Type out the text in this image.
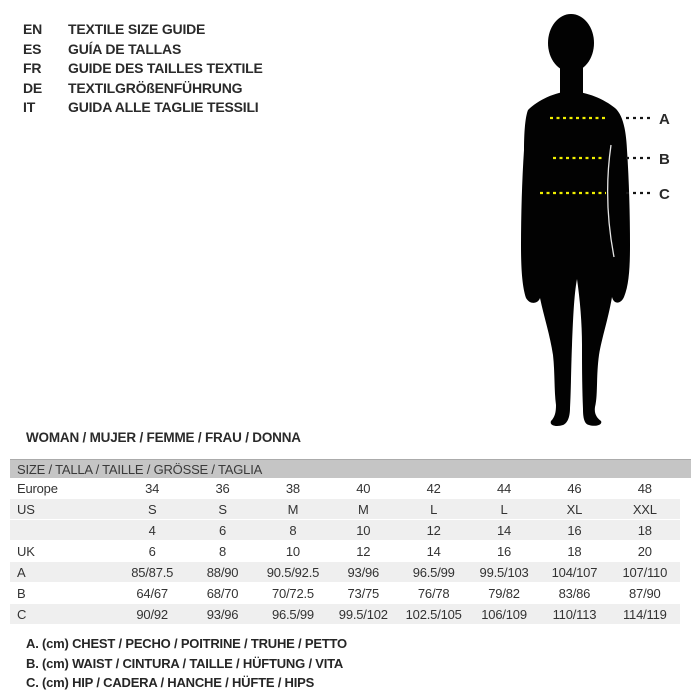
EN	TEXTILE SIZE GUIDE
ES	GUÍA DE TALLAS
FR	GUIDE DES TAILLES TEXTILE
DE	TEXTILGRÖßENFÜHRUNG
IT	GUIDA ALLE TAGLIE TESSILI
A
B
C
WOMAN / MUJER / FEMME / FRAU / DONNA
SIZE / TALLA / TAILLE / GRÖSSE / TAGLIA
Europe	34	36	38	40	42	44	46	48
US	S	S	M	M	L	L	XL	XXL
	4	6	8	10	12	14	16	18
UK	6	8	10	12	14	16	18	20
A	85/87.5	88/90	90.5/92.5	93/96	96.5/99	99.5/103	104/107	107/110
B	64/67	68/70	70/72.5	73/75	76/78	79/82	83/86	87/90
C	90/92	93/96	96.5/99	99.5/102	102.5/105	106/109	110/113	114/119
A. (cm) CHEST / PECHO / POITRINE / TRUHE / PETTO
B. (cm) WAIST / CINTURA / TAILLE / HÜFTUNG / VITA
C. (cm) HIP / CADERA / HANCHE / HÜFTE / HIPS
